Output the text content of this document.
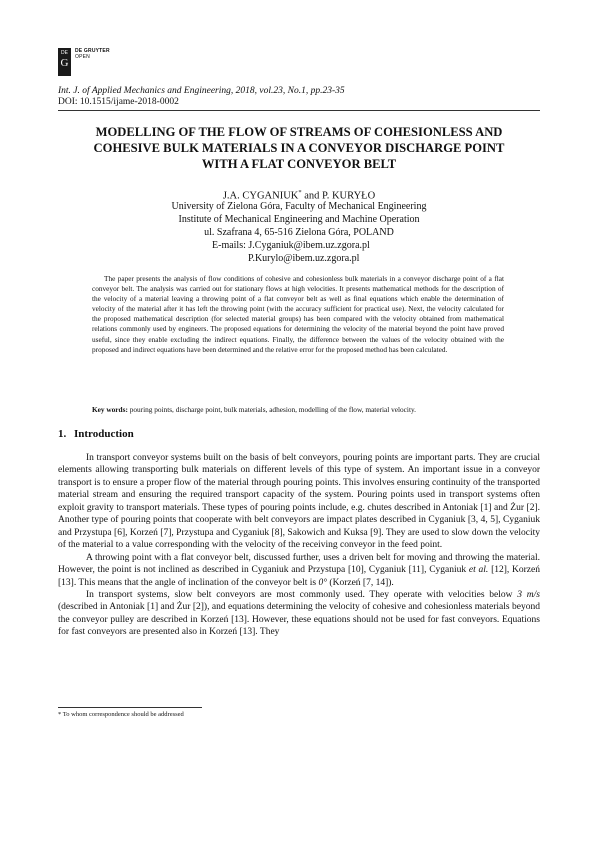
DE
G
DE GRUYTER
OPEN
Int. J. of Applied Mechanics and Engineering, 2018, vol.23, No.1, pp.23-35
DOI: 10.1515/ijame-2018-0002
MODELLING OF THE FLOW OF STREAMS OF COHESIONLESS AND
COHESIVE BULK MATERIALS IN A CONVEYOR DISCHARGE POINT
WITH A FLAT CONVEYOR BELT
J.A. CYGANIUK* and P. KURYŁO
University of Zielona Góra, Faculty of Mechanical Engineering
Institute of Mechanical Engineering and Machine Operation
ul. Szafrana 4, 65-516 Zielona Góra, POLAND
E-mails: J.Cyganiuk@ibem.uz.zgora.pl
P.Kurylo@ibem.uz.zgora.pl
The paper presents the analysis of flow conditions of cohesive and cohesionless bulk materials in a conveyor discharge point of a flat conveyor belt. The analysis was carried out for stationary flows at high velocities. It presents mathematical methods for the description of the velocity of a material leaving a throwing point of a flat conveyor belt as well as final equations which enable the determination of velocity of the material after it has left the throwing point (with the accuracy sufficient for practical use). Next, the velocity calculated for the proposed mathematical description (for selected material groups) has been compared with the velocity obtained from mathematical relations commonly used by engineers. The proposed equations for determining the velocity of the material beyond the point have proved useful, since they enable excluding the indirect equations. Finally, the difference between the values of the velocity obtained with the proposed and indirect equations have been determined and the relative error for the proposed method has been calculated.
Key words: pouring points, discharge point, bulk materials, adhesion, modelling of the flow, material velocity.
1. Introduction

In transport conveyor systems built on the basis of belt conveyors, pouring points are important parts. They are crucial elements allowing transporting bulk materials on different levels of this type of system. An important issue in a conveyor transport is to ensure a proper flow of the material through pouring points. This involves ensuring continuity of the transported material stream and ensuring the required transport capacity of the system. Pouring points used in transport systems often exploit gravity to transport materials. These types of pouring points include, e.g. chutes described in Antoniak [1] and Żur [2]. Another type of pouring points that cooperate with belt conveyors are impact plates described in Cyganiuk [3, 4, 5], Cyganiuk and Przystupa [6], Korzeń [7], Przystupa and Cyganiuk [8], Sakowich and Kuksa [9]. They are used to slow down the velocity of the material to a value corresponding with the velocity of the receiving conveyor in the feed point.

A throwing point with a flat conveyor belt, discussed further, uses a driven belt for moving and throwing the material. However, the point is not inclined as described in Cyganiuk and Przystupa [10], Cyganiuk [11], Cyganiuk et al. [12], Korzeń [13]. This means that the angle of inclination of the conveyor belt is 0° (Korzeń [7, 14]).

In transport systems, slow belt conveyors are most commonly used. They operate with velocities below 3 m/s (described in Antoniak [1] and Żur [2]), and equations determining the velocity of cohesive and cohesionless materials beyond the conveyor pulley are described in Korzeń [13]. However, these equations should not be used for fast conveyors. Equations for fast conveyors are presented also in Korzeń [13]. They

* To whom correspondence should be addressed
